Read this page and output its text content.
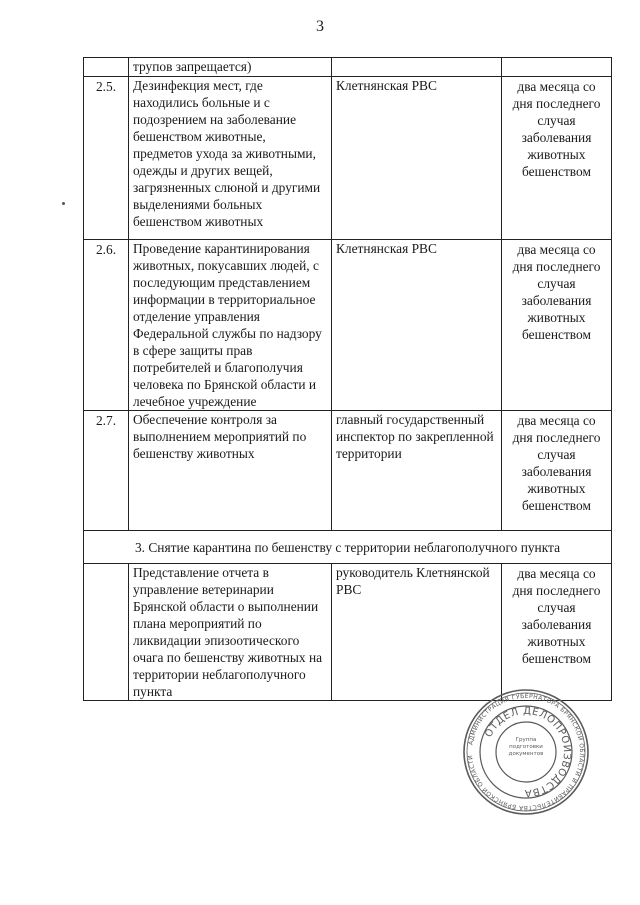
3
	трупов запрещается)		
2.5.	Дезинфекция мест, где находились больные и с подозрением на заболевание бешенством животные, предметов ухода за животными, одежды и других вещей, загрязненных слюной и другими выделениями больных бешенством животных	Клетнянская РВС	два месяца со дня последнего случая заболевания животных бешенством
2.6.	Проведение карантинирования животных, покусавших людей, с последующим представлением информации в территориальное отделение управления Федеральной службы по надзору в сфере защиты прав потребителей и благополучия человека по Брянской области и лечебное учреждение	Клетнянская РВС	два месяца со дня последнего случая заболевания животных бешенством
2.7.	Обеспечение контроля за выполнением мероприятий по бешенству животных	главный государственный инспектор по закрепленной территории	два месяца со дня последнего случая заболевания животных бешенством
3. Снятие карантина по бешенству с территории неблагополучного пункта			
	Представление отчета в управление ветеринарии Брянской области о выполнении плана мероприятий по ликвидации эпизоотического очага по бешенству животных на территории неблагополучного пункта	руководитель Клетнянской РВС	два месяца со дня последнего случая заболевания животных бешенством
АДМИНИСТРАЦИЯ ГУБЕРНАТОРА БРЯНСКОЙ ОБЛАСТИ И ПРАВИТЕЛЬСТВА БРЯНСКОЙ ОБЛАСТИ
ОТДЕЛ ДЕЛОПРОИЗВОДСТВА
Группа подготовки документов
